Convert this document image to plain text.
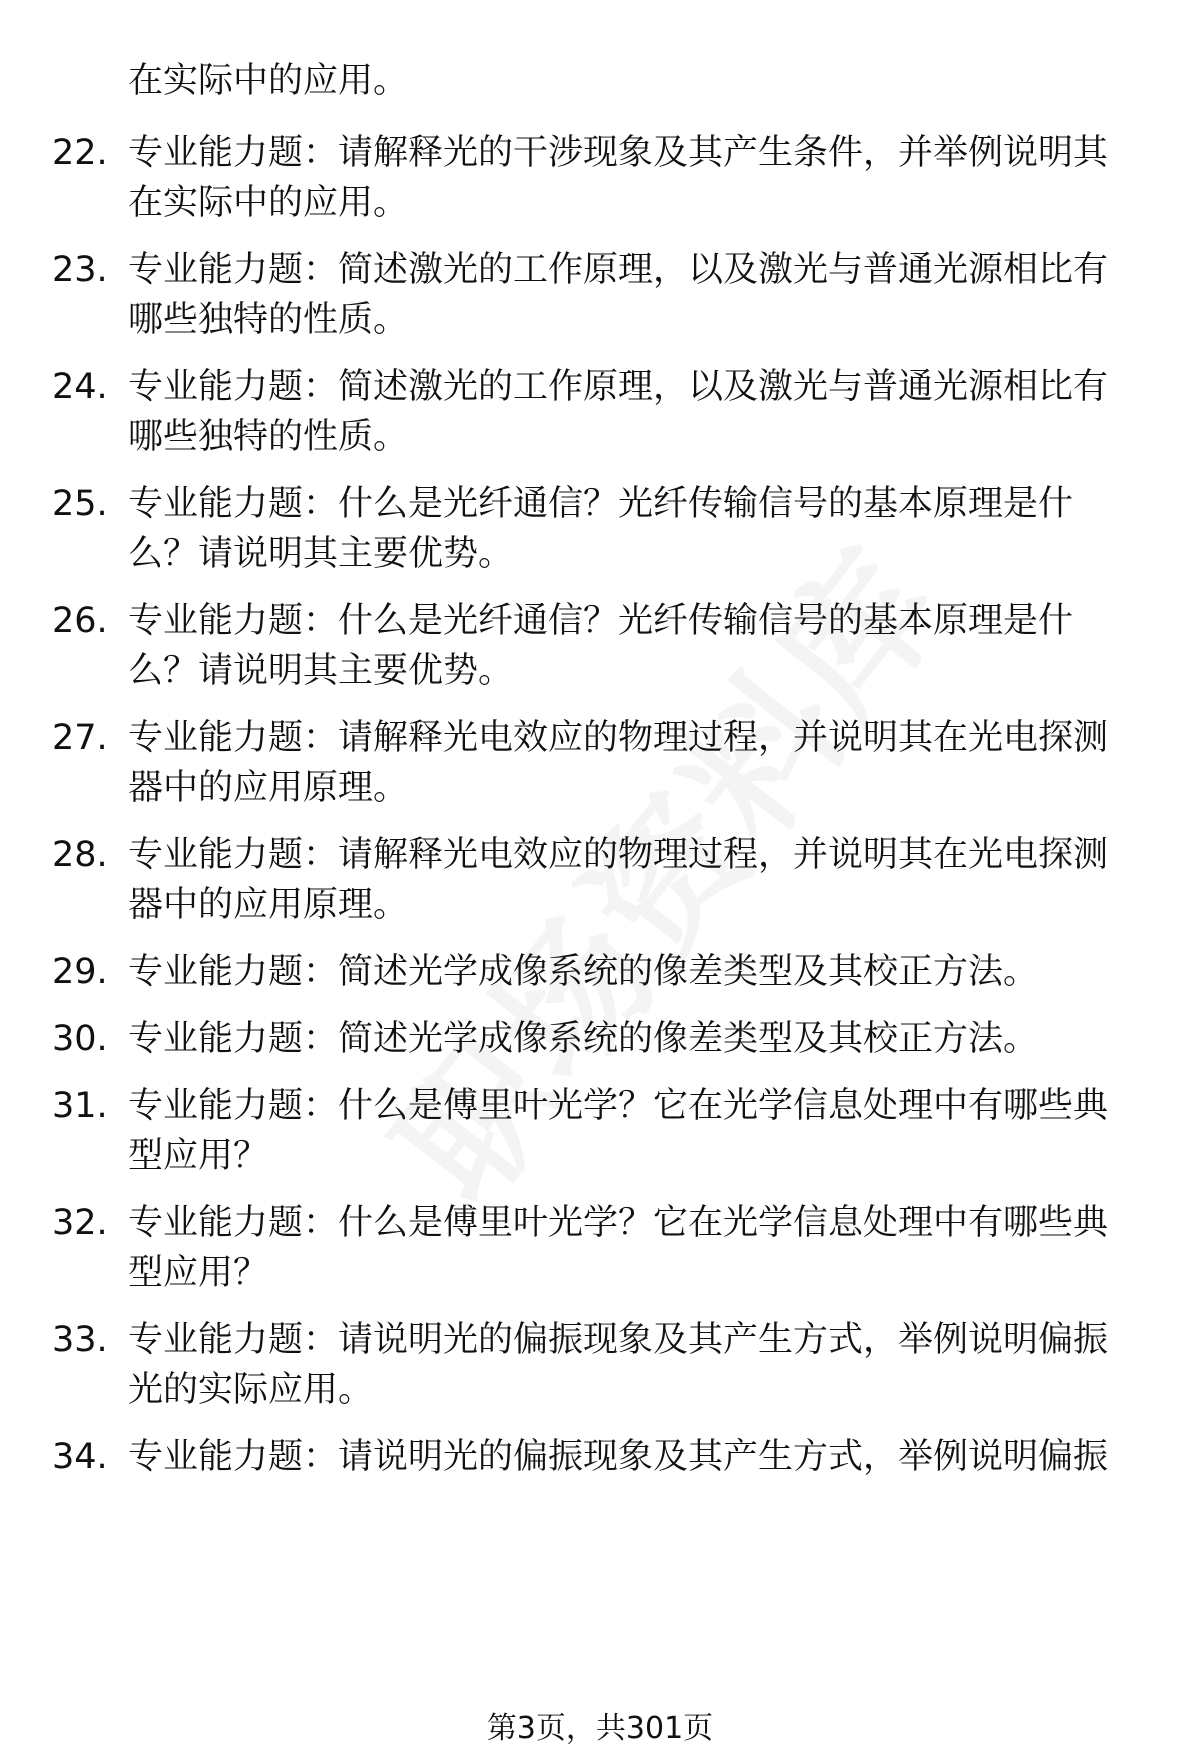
在实际中的应用。
22. 专业能力题：请解释光的干涉现象及其产生条件，并举例说明其在实际中的应用。
23. 专业能力题：简述激光的工作原理，以及激光与普通光源相比有哪些独特的性质。
24. 专业能力题：简述激光的工作原理，以及激光与普通光源相比有哪些独特的性质。
25. 专业能力题：什么是光纤通信？光纤传输信号的基本原理是什么？请说明其主要优势。
26. 专业能力题：什么是光纤通信？光纤传输信号的基本原理是什么？请说明其主要优势。
27. 专业能力题：请解释光电效应的物理过程，并说明其在光电探测器中的应用原理。
28. 专业能力题：请解释光电效应的物理过程，并说明其在光电探测器中的应用原理。
29. 专业能力题：简述光学成像系统的像差类型及其校正方法。
30. 专业能力题：简述光学成像系统的像差类型及其校正方法。
31. 专业能力题：什么是傅里叶光学？它在光学信息处理中有哪些典型应用？
32. 专业能力题：什么是傅里叶光学？它在光学信息处理中有哪些典型应用？
33. 专业能力题：请说明光的偏振现象及其产生方式，举例说明偏振光的实际应用。
34. 专业能力题：请说明光的偏振现象及其产生方式，举例说明偏振
第3页，共301页
